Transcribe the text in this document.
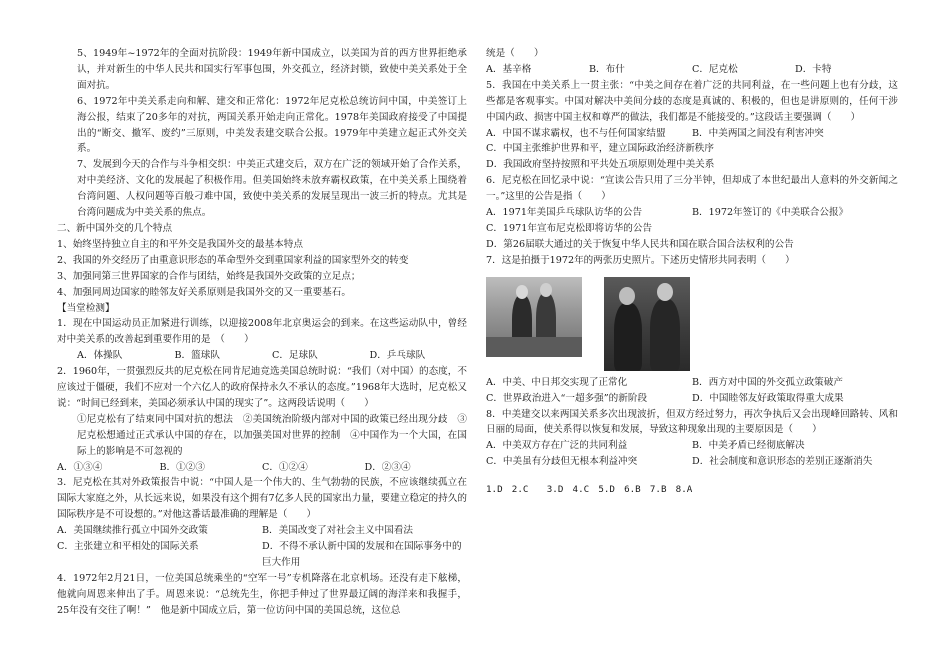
5、1949年~1972年的全面对抗阶段：1949年新中国成立，以美国为首的西方世界拒绝承认，并对新生的中华人民共和国实行军事包围，外交孤立，经济封锁，致使中美关系处于全面对抗。

6、1972年中美关系走向和解、建交和正常化：1972年尼克松总统访问中国，中美签订上海公报，结束了20多年的对抗，两国关系开始走向正常化。1978年美国政府接受了中国提出的“断交、撤军、废约”三原则，中美发表建交联合公报。1979年中美建立起正式外交关系。

7、发展到今天的合作与斗争相交织：中美正式建交后，双方在广泛的领域开始了合作关系，对中美经济、文化的发展起了积极作用。但美国始终未放弃霸权政策，在中美关系上围绕着台湾问题、人权问题等百般刁难中国，致使中美关系的发展呈现出一波三折的特点。尤其是台湾问题成为中美关系的焦点。

二、新中国外交的几个特点

1、始终坚持独立自主的和平外交是我国外交的最基本特点

2、我国的外交经历了由重意识形态的革命型外交到重国家利益的国家型外交的转变

3、加强同第三世界国家的合作与团结，始终是我国外交政策的立足点；

4、加强同周边国家的睦邻友好关系原则是我国外交的又一重要基石。

【当堂检测】

1．现在中国运动员正加紧进行训练，以迎接2008年北京奥运会的到来。在这些运动队中，曾经对中美关系的改善起到重要作用的是　（　　）

A．体操队	B．篮球队	C．足球队	D．乒乓球队

2．1960年，一贯强烈反共的尼克松在同肯尼迪竞选美国总统时说：“我们（对中国）的态度，不应该过于僵硬，我们不应对一个六亿人的政府保持永久不承认的态度。”1968年大选时，尼克松又说：“时间已经到来，美国必须承认中国的现实了”。这两段话说明（　　）

①尼克松有了结束同中国对抗的想法　②美国统治阶级内部对中国的政策已经出现分歧　③尼克松想通过正式承认中国的存在，以加强美国对世界的控制　④中国作为一个大国，在国际上的影响是不可忽视的

A．①③④	B．①②③	C．①②④	D．②③④

3．尼克松在其对外政策报告中说：“中国人是一个伟大的、生气勃勃的民族，不应该继续孤立在国际大家庭之外，从长远来说，如果没有这个拥有7亿多人民的国家出力量，要建立稳定的持久的国际秩序是不可设想的。”对他这番话最准确的理解是（　　）

A．美国继续推行孤立中国外交政策	B．美国改变了对社会主义中国看法
C．主张建立和平相处的国际关系	D．不得不承认新中国的发展和在国际事务中的巨大作用

4．1972年2月21日，一位美国总统乘坐的“空军一号”专机降落在北京机场。还没有走下舷梯，他就向周恩来伸出了手。周恩来说：“总统先生，你把手伸过了世界最辽阔的海洋来和我握手，25年没有交往了啊！”　他是新中国成立后，第一位访问中国的美国总统，这位总

统是（　　）

A．基辛格	B．布什	C．尼克松	D．卡特

5．我国在中美关系上一贯主张：“中美之间存在着广泛的共同利益，在一些问题上也有分歧，这些都是客观事实。中国对解决中美间分歧的态度是真诚的、积极的，但也是讲原则的，任何干涉中国内政、损害中国主权和尊严的做法，我们都是不能接受的。”这段话主要强调（　　）

A．中国不谋求霸权，也不与任何国家结盟	B．中美两国之间没有利害冲突

C．中国主张维护世界和平，建立国际政治经济新秩序

D．我国政府坚持按照和平共处五项原则处理中美关系

6．尼克松在回忆录中说：“宣读公告只用了三分半钟，但却成了本世纪最出人意料的外交新闻之一。”这里的公告是指（　　）

A．1971年美国乒乓球队访华的公告	B．1972年签订的《中美联合公报》

C．1971年宣布尼克松即将访华的公告

D．第26届联大通过的关于恢复中华人民共和国在联合国合法权利的公告

7．这是拍摄于1972年的两张历史照片。下述历史情形共同表明（　　）

A．中美、中日邦交实现了正常化	B．西方对中国的外交孤立政策破产
C．世界政治进入“一超多强”的新阶段	D．中国睦邻友好政策取得重大成果

8．中美建交以来两国关系多次出现波折，但双方经过努力，再次争执后又会出现峰回路转、风和日丽的局面，使关系得以恢复和发展，导致这种现象出现的主要原因是（　　）

A．中美双方存在广泛的共同利益	B．中美矛盾已经彻底解决
C．中美虽有分歧但无根本利益冲突	D．社会制度和意识形态的差别正逐渐消失

1.D　2.C　　3.D　4.C　5.D　6.B　7.B　8.A
